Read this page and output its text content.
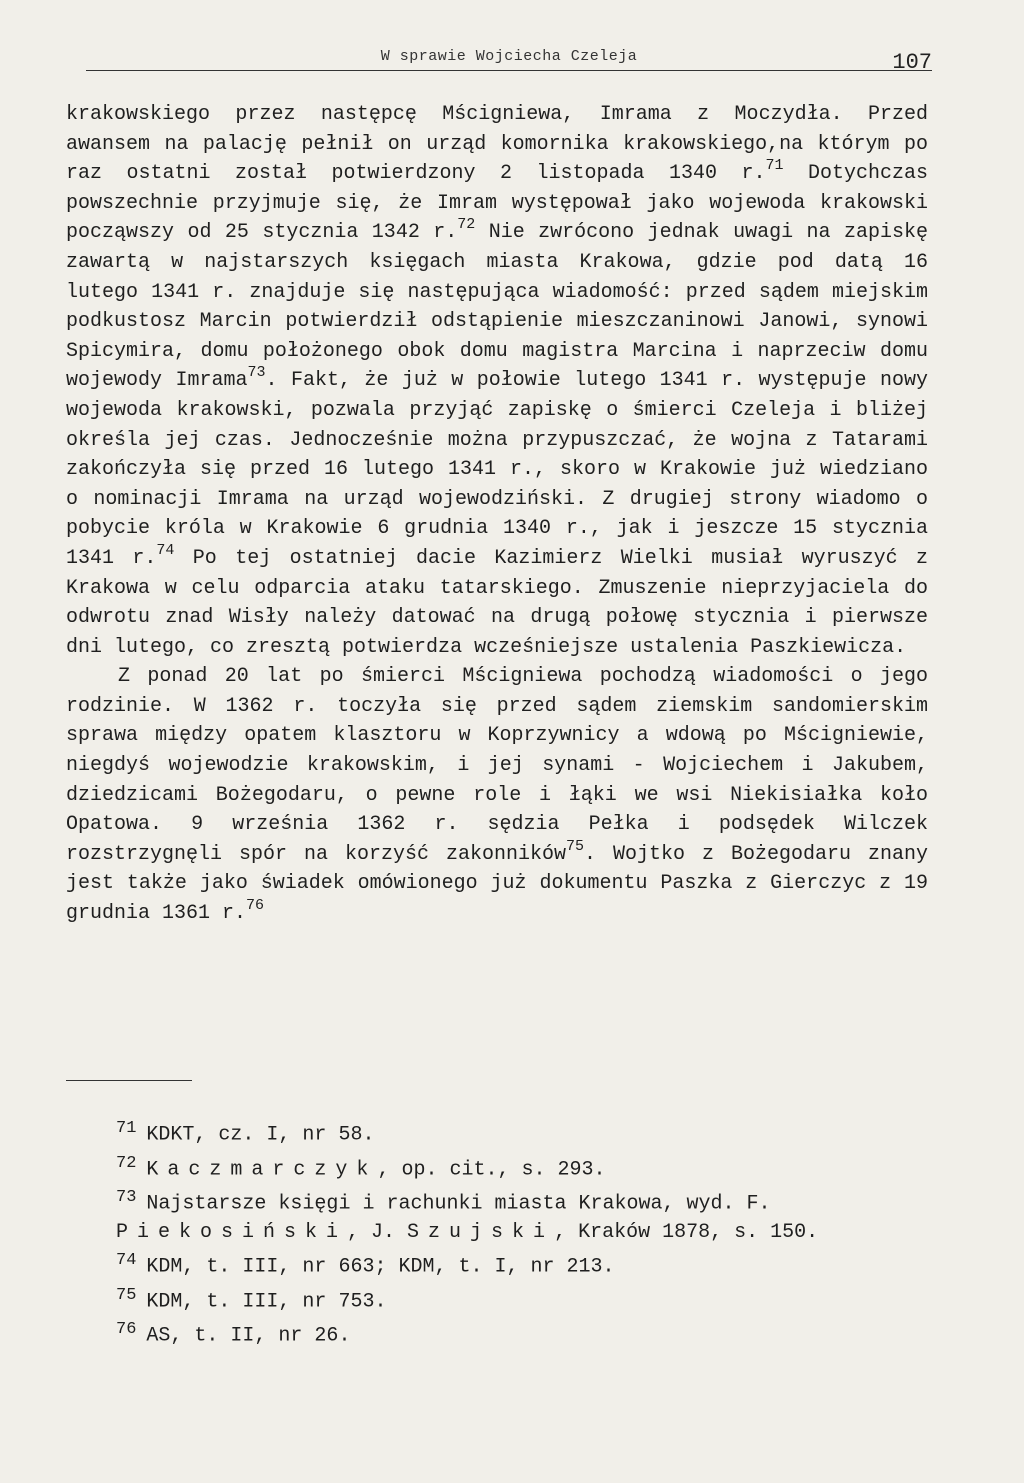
W sprawie Wojciecha Czeleja	107

krakowskiego przez następcę Mścigniewa, Imrama z Moczydła. Przed awansem na palację pełnił on urząd komornika krakowskiego,na którym po raz ostatni został potwierdzony 2 listopada 1340 r.$^{71}$ Dotychczas powszechnie przyjmuje się, że Imram występował jako wojewoda krakowski począwszy od 25 stycznia 1342 r.$^{72}$ Nie zwrócono jednak uwagi na zapiskę zawartą w najstarszych księgach miasta Krakowa, gdzie pod datą 16 lutego 1341 r. znajduje się następująca wiadomość: przed sądem miejskim podkustosz Marcin potwierdził odstąpienie mieszczaninowi Janowi, synowi Spicymira, domu położonego obok domu magistra Marcina i naprzeciw domu wojewody Imrama$^{73}$. Fakt, że już w połowie lutego 1341 r. występuje nowy wojewoda krakowski, pozwala przyjąć zapiskę o śmierci Czeleja i bliżej określa jej czas. Jednocześnie można przypuszczać, że wojna z Tatarami zakończyła się przed 16 lutego 1341 r., skoro w Krakowie już wiedziano o nominacji Imrama na urząd wojewodziński. Z drugiej strony wiadomo o pobycie króla w Krakowie 6 grudnia 1340 r., jak i jeszcze 15 stycznia 1341 r.$^{74}$ Po tej ostatniej dacie Kazimierz Wielki musiał wyruszyć z Krakowa w celu odparcia ataku tatarskiego. Zmuszenie nieprzyjaciela do odwrotu znad Wisły należy datować na drugą połowę stycznia i pierwsze dni lutego, co zresztą potwierdza wcześniejsze ustalenia Paszkiewicza.

Z ponad 20 lat po śmierci Mścigniewa pochodzą wiadomości o jego rodzinie. W 1362 r. toczyła się przed sądem ziemskim sandomierskim sprawa między opatem klasztoru w Koprzywnicy a wdową po Mścigniewie, niegdyś wojewodzie krakowskim, i jej synami - Wojciechem i Jakubem, dziedzicami Bożegodaru, o pewne role i łąki we wsi Niekisiałka koło Opatowa. 9 września 1362 r. sędzia Pełka i podsędek Wilczek rozstrzygnęli spór na korzyść zakonników$^{75}$. Wojtko z Bożegodaru znany jest także jako świadek omówionego już dokumentu Paszka z Gierczyc z 19 grudnia 1361 r.$^{76}$

$^{71}$ KDKT, cz. I, nr 58.
$^{72}$ Kaczmarczyk, op. cit., s. 293.
$^{73}$ Najstarsze księgi i rachunki miasta Krakowa, wyd. F. Piekosiński, J. Szujski, Kraków 1878, s. 150.
$^{74}$ KDM, t. III, nr 663; KDM, t. I, nr 213.
$^{75}$ KDM, t. III, nr 753.
$^{76}$ AS, t. II, nr 26.
